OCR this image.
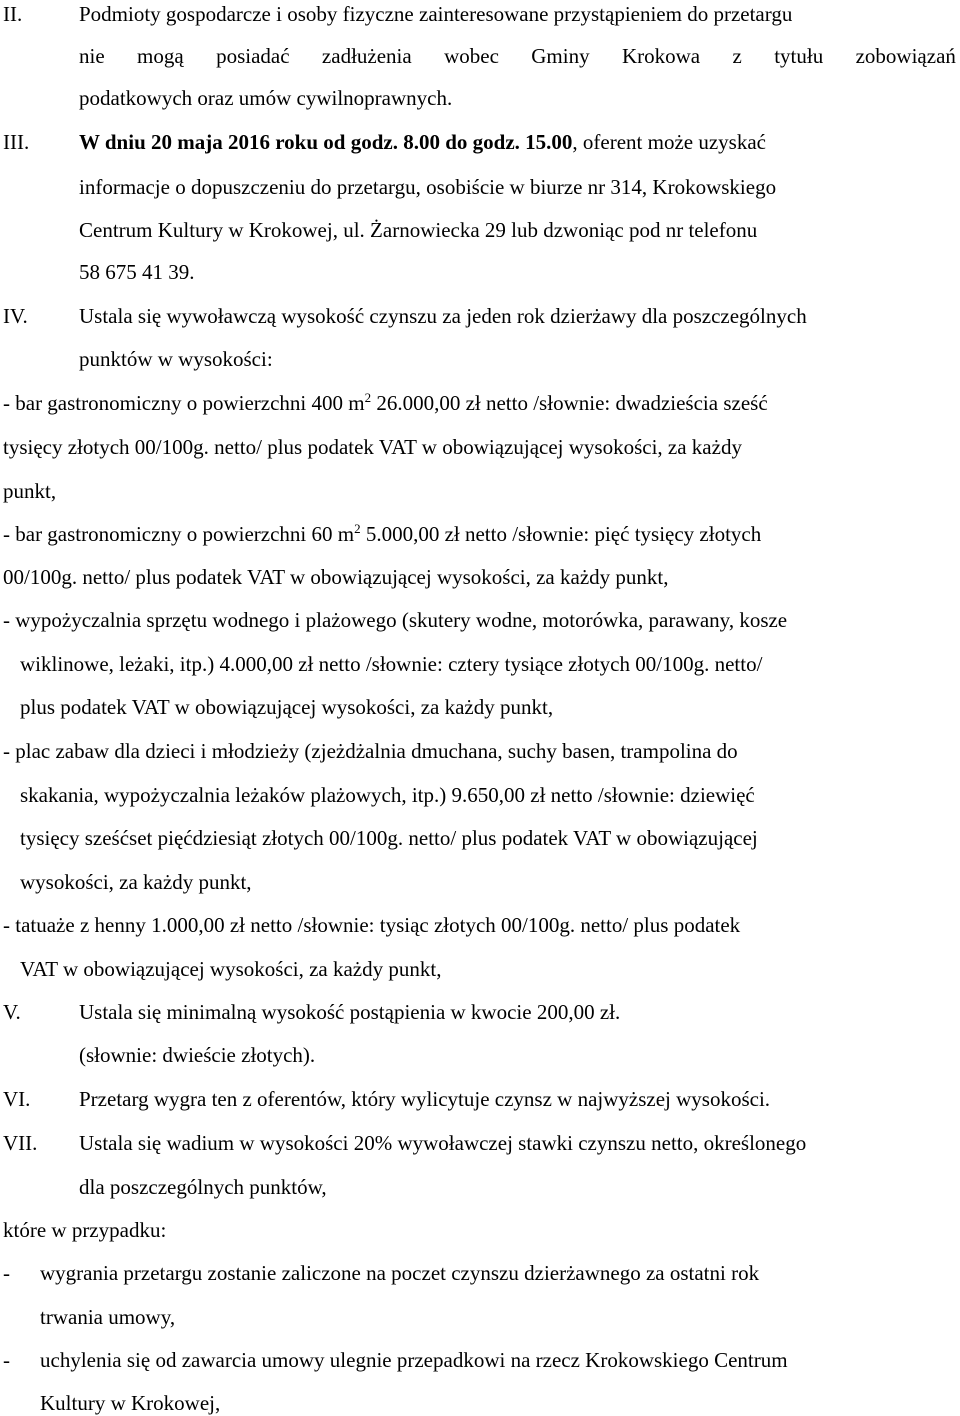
II.	Podmioty gospodarcze i osoby fizyczne zainteresowane przystąpieniem do przetargu
nie mogą posiadać zadłużenia wobec Gminy Krokowa z tytułu zobowiązań
podatkowych oraz umów cywilnoprawnych.
III. W dniu 20 maja 2016 roku od godz. 8.00 do godz. 15.00, oferent może uzyskać
informacje o dopuszczeniu do przetargu, osobiście w biurze nr 314, Krokowskiego
Centrum Kultury w Krokowej, ul. Żarnowiecka 29 lub dzwoniąc pod nr telefonu
58 675 41 39.
IV. Ustala się wywoławczą wysokość czynszu za jeden rok dzierżawy dla poszczególnych
punktów w wysokości:
- bar gastronomiczny o powierzchni 400 $m^2$ 26.000,00 zł netto /słownie: dwadzieścia sześć
tysięcy złotych 00/100g. netto/ plus podatek VAT w obowiązującej wysokości, za każdy
punkt,
- bar gastronomiczny o powierzchni 60 $m^2$ 5.000,00 zł netto /słownie: pięć tysięcy złotych
00/100g. netto/ plus podatek VAT w obowiązującej wysokości, za każdy punkt,
- wypożyczalnia sprzętu wodnego i plażowego (skutery wodne, motorówka, parawany, kosze
wiklinowe, leżaki, itp.) 4.000,00 zł netto /słownie: cztery tysiące złotych 00/100g. netto/
plus podatek VAT w obowiązującej wysokości, za każdy punkt,
- plac zabaw dla dzieci i młodzieży (zjeżdżalnia dmuchana, suchy basen, trampolina do
skakania, wypożyczalnia leżaków plażowych, itp.) 9.650,00 zł netto /słownie: dziewięć
tysięcy sześćset pięćdziesiąt złotych 00/100g. netto/ plus podatek VAT w obowiązującej
wysokości, za każdy punkt,
- tatuaże z henny 1.000,00 zł netto /słownie: tysiąc złotych 00/100g. netto/ plus podatek
VAT w obowiązującej wysokości, za każdy punkt,
V.	Ustala się minimalną wysokość postąpienia w kwocie 200,00 zł.
(słownie: dwieście złotych).
VI. Przetarg wygra ten z oferentów, który wylicytuje czynsz w najwyższej wysokości.
VII. Ustala się wadium w wysokości 20% wywoławczej stawki czynszu netto, określonego
dla poszczególnych punktów,
które w przypadku:
- wygrania przetargu zostanie zaliczone na poczet czynszu dzierżawnego za ostatni rok
trwania umowy,
- uchylenia się od zawarcia umowy ulegnie przepadkowi na rzecz Krokowskiego Centrum
Kultury w Krokowej,
